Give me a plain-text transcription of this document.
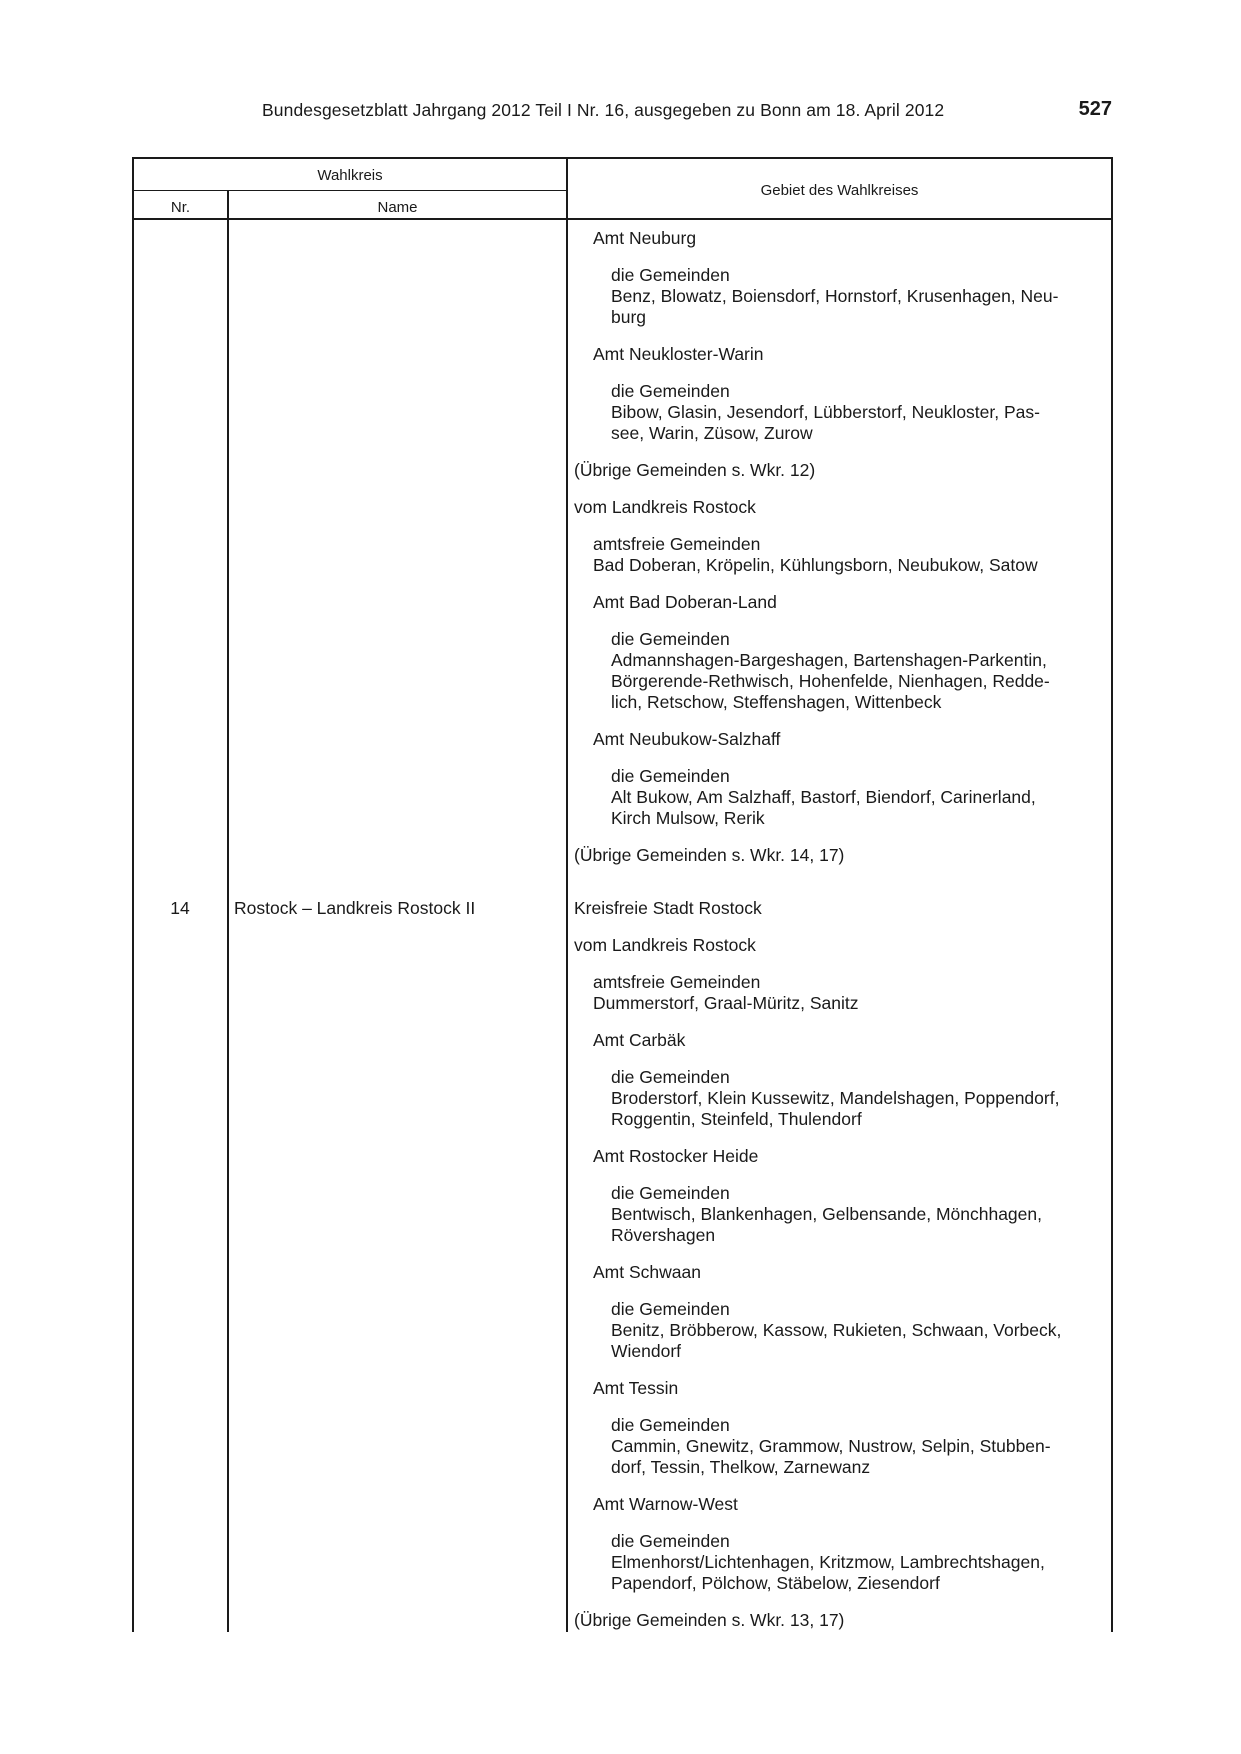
Bundesgesetzblatt Jahrgang 2012 Teil I Nr. 16, ausgegeben zu Bonn am 18. April 2012	527
Wahlkreis
Nr.	Name
Gebiet des Wahlkreises
14	Rostock – Landkreis Rostock II
Amt Neuburg
die Gemeinden
Benz, Blowatz, Boiensdorf, Hornstorf, Krusenhagen, Neu-
burg
Amt Neukloster-Warin
die Gemeinden
Bibow, Glasin, Jesendorf, Lübberstorf, Neukloster, Pas-
see, Warin, Züsow, Zurow
(Übrige Gemeinden s. Wkr. 12)
vom Landkreis Rostock
amtsfreie Gemeinden
Bad Doberan, Kröpelin, Kühlungsborn, Neubukow, Satow
Amt Bad Doberan-Land
die Gemeinden
Admannshagen-Bargeshagen, Bartenshagen-Parkentin,
Börgerende-Rethwisch, Hohenfelde, Nienhagen, Redde-
lich, Retschow, Steffenshagen, Wittenbeck
Amt Neubukow-Salzhaff
die Gemeinden
Alt Bukow, Am Salzhaff, Bastorf, Biendorf, Carinerland,
Kirch Mulsow, Rerik
(Übrige Gemeinden s. Wkr. 14, 17)
Kreisfreie Stadt Rostock
vom Landkreis Rostock
amtsfreie Gemeinden
Dummerstorf, Graal-Müritz, Sanitz
Amt Carbäk
die Gemeinden
Broderstorf, Klein Kussewitz, Mandelshagen, Poppendorf,
Roggentin, Steinfeld, Thulendorf
Amt Rostocker Heide
die Gemeinden
Bentwisch, Blankenhagen, Gelbensande, Mönchhagen,
Rövershagen
Amt Schwaan
die Gemeinden
Benitz, Bröbberow, Kassow, Rukieten, Schwaan, Vorbeck,
Wiendorf
Amt Tessin
die Gemeinden
Cammin, Gnewitz, Grammow, Nustrow, Selpin, Stubben-
dorf, Tessin, Thelkow, Zarnewanz
Amt Warnow-West
die Gemeinden
Elmenhorst/Lichtenhagen, Kritzmow, Lambrechtshagen,
Papendorf, Pölchow, Stäbelow, Ziesendorf
(Übrige Gemeinden s. Wkr. 13, 17)
